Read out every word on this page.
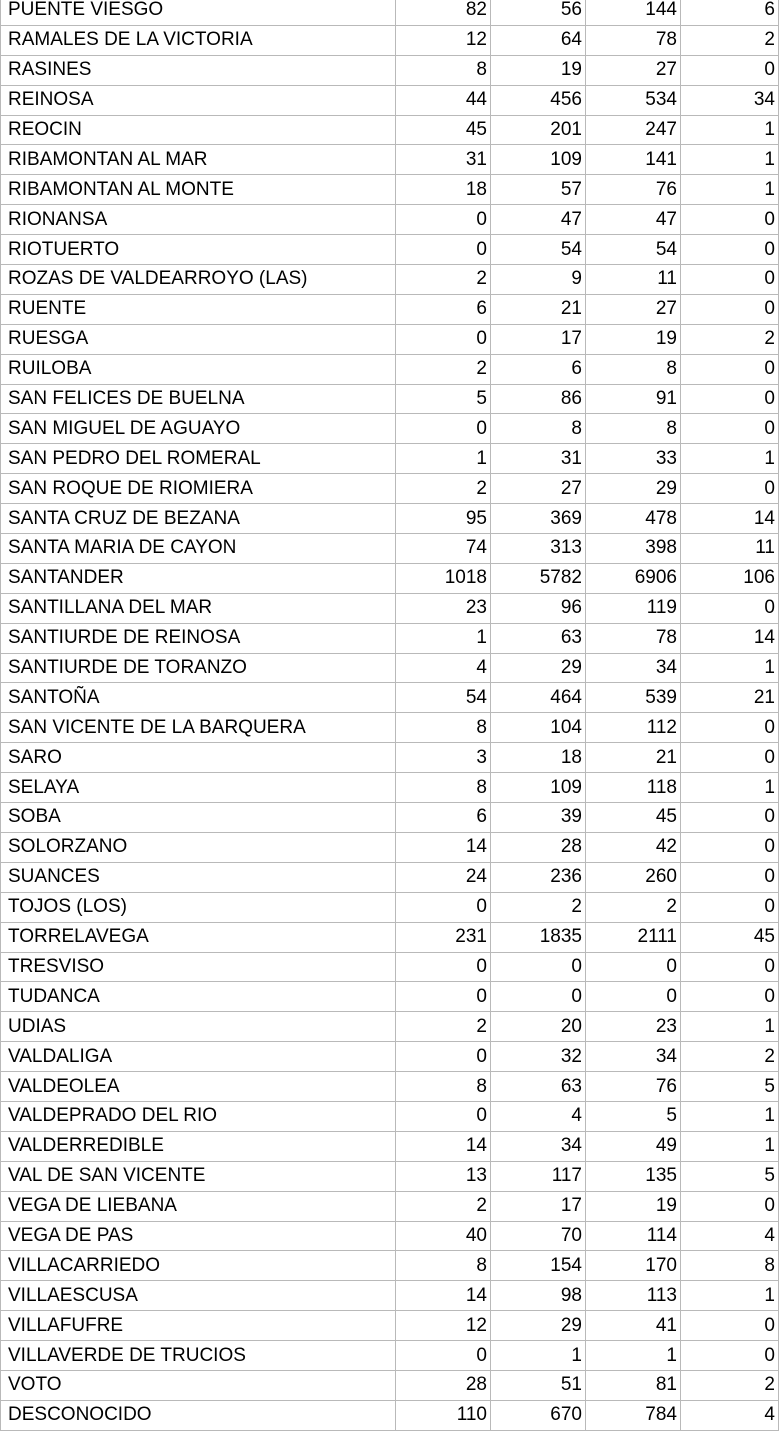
PUENTE VIESGO	82	56	144	6
RAMALES DE LA VICTORIA	12	64	78	2
RASINES	8	19	27	0
REINOSA	44	456	534	34
REOCIN	45	201	247	1
RIBAMONTAN AL MAR	31	109	141	1
RIBAMONTAN AL MONTE	18	57	76	1
RIONANSA	0	47	47	0
RIOTUERTO	0	54	54	0
ROZAS DE VALDEARROYO (LAS)	2	9	11	0
RUENTE	6	21	27	0
RUESGA	0	17	19	2
RUILOBA	2	6	8	0
SAN FELICES DE BUELNA	5	86	91	0
SAN MIGUEL DE AGUAYO	0	8	8	0
SAN PEDRO DEL ROMERAL	1	31	33	1
SAN ROQUE DE RIOMIERA	2	27	29	0
SANTA CRUZ DE BEZANA	95	369	478	14
SANTA MARIA DE CAYON	74	313	398	11
SANTANDER	1018	5782	6906	106
SANTILLANA DEL MAR	23	96	119	0
SANTIURDE DE REINOSA	1	63	78	14
SANTIURDE DE TORANZO	4	29	34	1
SANTOÑA	54	464	539	21
SAN VICENTE DE LA BARQUERA	8	104	112	0
SARO	3	18	21	0
SELAYA	8	109	118	1
SOBA	6	39	45	0
SOLORZANO	14	28	42	0
SUANCES	24	236	260	0
TOJOS (LOS)	0	2	2	0
TORRELAVEGA	231	1835	2111	45
TRESVISO	0	0	0	0
TUDANCA	0	0	0	0
UDIAS	2	20	23	1
VALDALIGA	0	32	34	2
VALDEOLEA	8	63	76	5
VALDEPRADO DEL RIO	0	4	5	1
VALDERREDIBLE	14	34	49	1
VAL DE SAN VICENTE	13	117	135	5
VEGA DE LIEBANA	2	17	19	0
VEGA DE PAS	40	70	114	4
VILLACARRIEDO	8	154	170	8
VILLAESCUSA	14	98	113	1
VILLAFUFRE	12	29	41	0
VILLAVERDE DE TRUCIOS	0	1	1	0
VOTO	28	51	81	2
DESCONOCIDO	110	670	784	4
